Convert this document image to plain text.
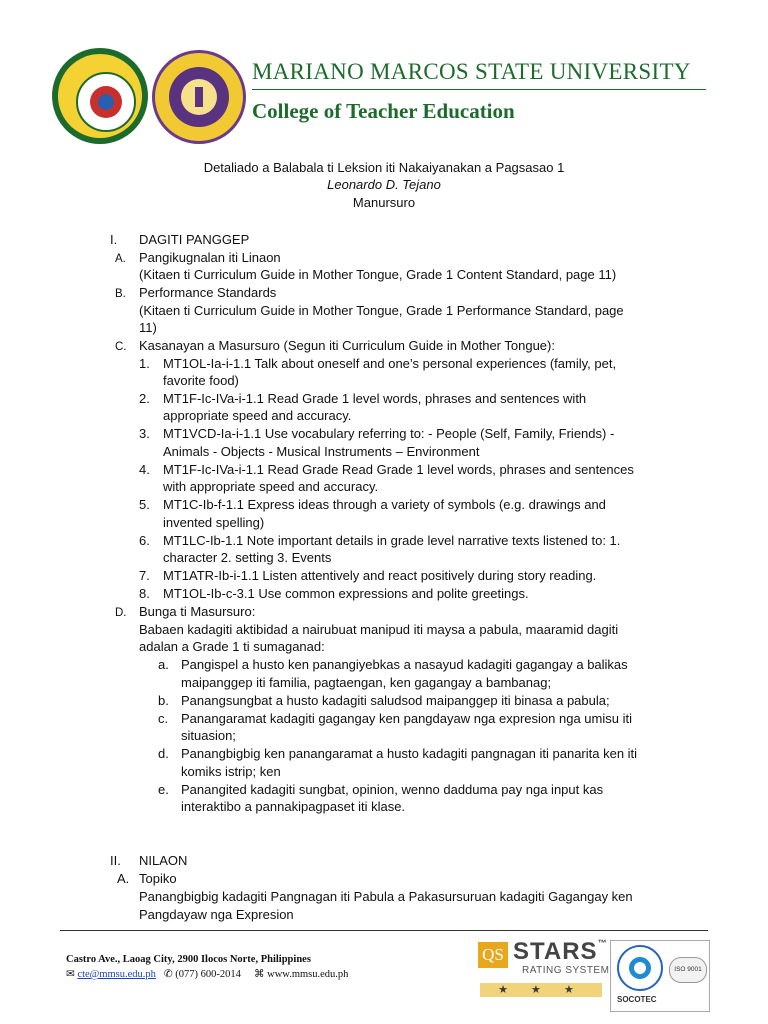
MARIANO MARCOS STATE UNIVERSITY
College of Teacher Education
Detaliado a Balabala ti Leksion iti Nakaiyanakan a Pagsasao 1
Leonardo D. Tejano
Manursuro
I. DAGITI PANGGEP
A. Pangikugnalan iti Linaon
(Kitaen ti Curriculum Guide in Mother Tongue, Grade 1 Content Standard, page 11)
B. Performance Standards
(Kitaen ti Curriculum Guide in Mother Tongue, Grade 1 Performance Standard, page
11)
C. Kasanayan a Masursuro (Segun iti Curriculum Guide in Mother Tongue):
1. MT1OL-Ia-i-1.1 Talk about oneself and one’s personal experiences (family, pet,
favorite food)
2. MT1F-Ic-IVa-i-1.1 Read Grade 1 level words, phrases and sentences with
appropriate speed and accuracy.
3. MT1VCD-Ia-i-1.1 Use vocabulary referring to: - People (Self, Family, Friends) -
Animals - Objects - Musical Instruments – Environment
4. MT1F-Ic-IVa-i-1.1 Read Grade Read Grade 1 level words, phrases and sentences
with appropriate speed and accuracy.
5. MT1C-Ib-f-1.1 Express ideas through a variety of symbols (e.g. drawings and
invented spelling)
6. MT1LC-Ib-1.1 Note important details in grade level narrative texts listened to: 1.
character 2. setting 3. Events
7. MT1ATR-Ib-i-1.1 Listen attentively and react positively during story reading.
8. MT1OL-Ib-c-3.1 Use common expressions and polite greetings.
D. Bunga ti Masursuro:
Babaen kadagiti aktibidad a nairubuat manipud iti maysa a pabula, maaramid dagiti
adalan a Grade 1 ti sumaganad:
a. Pangispel a husto ken panangiyebkas a nasayud kadagiti gagangay a balikas
maipanggep iti familia, pagtaengan, ken gagangay a bambanag;
b. Panangsungbat a husto kadagiti saludsod maipanggep iti binasa a pabula;
c. Panangaramat kadagiti gagangay ken pangdayaw nga expresion nga umisu iti
situasion;
d. Panangbigbig ken panangaramat a husto kadagiti pangnagan iti panarita ken iti
komiks istrip; ken
e. Panangited kadagiti sungbat, opinion, wenno dadduma pay nga input kas
interaktibo a pannakipagpaset iti klase.
II. NILAON
A. Topiko
Panangbigbig kadagiti Pangnagan iti Pabula a Pakasursuruan kadagiti Gagangay ken
Pangdayaw nga Expresion
Castro Ave., Laoag City, 2900 Ilocos Norte, Philippines
✉ cte@mmsu.edu.ph ✆ (077) 600-2014 ⌘ www.mmsu.edu.ph
QS STARS™
RATING SYSTEM
★ ★ ★
ISO 9001
SOCOTEC
